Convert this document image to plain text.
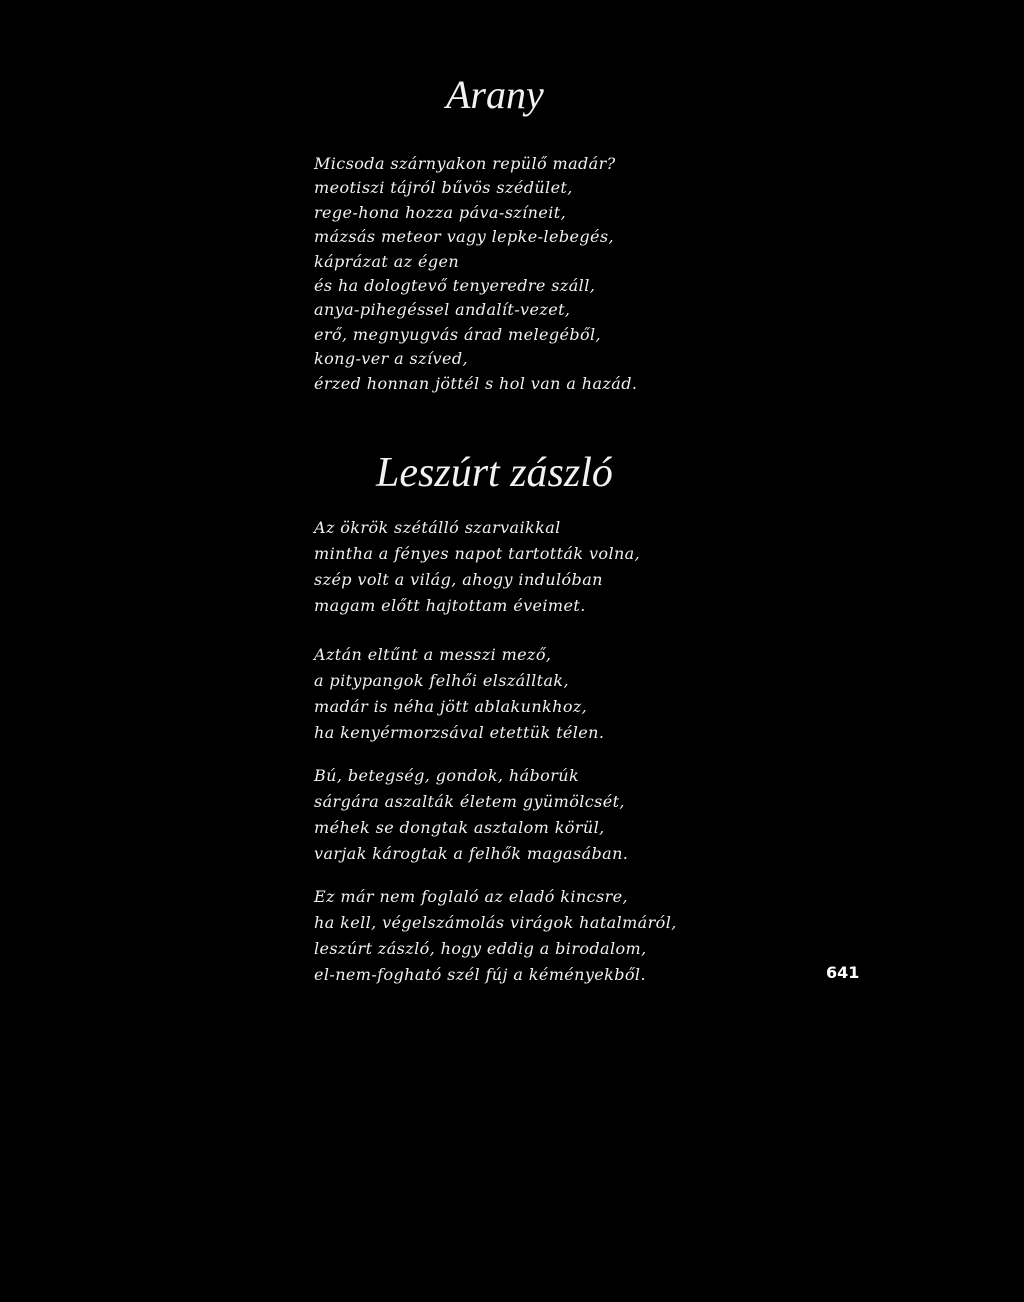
Arany
Micsoda szárnyakon repülő madár?
meotiszi tájról bűvös szédület,
rege-hona hozza páva-színeit,
mázsás meteor vagy lepke-lebegés,
káprázat az égen
és ha dologtevő tenyeredre száll,
anya-pihegéssel andalít-vezet,
erő, megnyugvás árad melegéből,
kong-ver a szíved,
érzed honnan jöttél s hol van a hazád.
Leszúrt zászló
Az ökrök szétálló szarvaikkal
mintha a fényes napot tartották volna,
szép volt a világ, ahogy indulóban
magam előtt hajtottam éveimet.
Aztán eltűnt a messzi mező,
a pitypangok felhői elszálltak,
madár is néha jött ablakunkhoz,
ha kenyérmorzsával etettük télen.
Bú, betegség, gondok, háborúk
sárgára aszalták életem gyümölcsét,
méhek se dongtak asztalom körül,
varjak károgtak a felhők magasában.
Ez már nem foglaló az eladó kincsre,
ha kell, végelszámolás virágok hatalmáról,
leszúrt zászló, hogy eddig a birodalom,
el-nem-fogható szél fúj a kéményekből.	641
